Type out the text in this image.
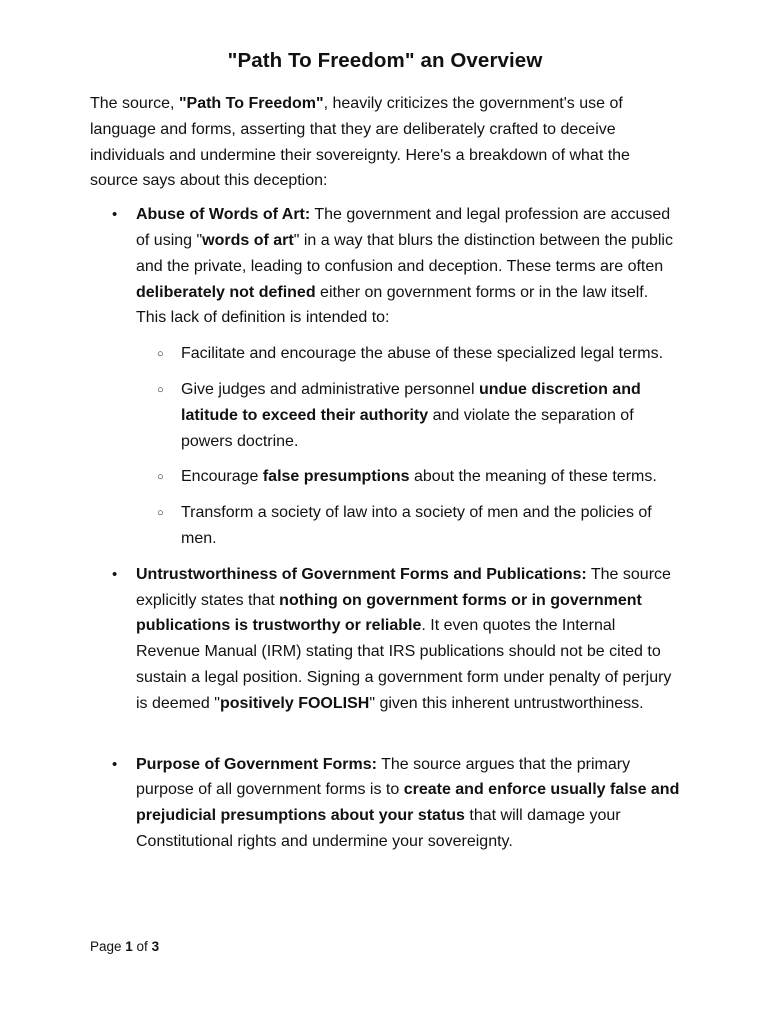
"Path To Freedom" an Overview

The source, "Path To Freedom", heavily criticizes the government's use of language and forms, asserting that they are deliberately crafted to deceive individuals and undermine their sovereignty. Here's a breakdown of what the source says about this deception:

• Abuse of Words of Art: The government and legal profession are accused of using "words of art" in a way that blurs the distinction between the public and the private, leading to confusion and deception. These terms are often deliberately not defined either on government forms or in the law itself. This lack of definition is intended to:
○ Facilitate and encourage the abuse of these specialized legal terms.
○ Give judges and administrative personnel undue discretion and latitude to exceed their authority and violate the separation of powers doctrine.
○ Encourage false presumptions about the meaning of these terms.
○ Transform a society of law into a society of men and the policies of men.
• Untrustworthiness of Government Forms and Publications: The source explicitly states that nothing on government forms or in government publications is trustworthy or reliable. It even quotes the Internal Revenue Manual (IRM) stating that IRS publications should not be cited to sustain a legal position. Signing a government form under penalty of perjury is deemed "positively FOOLISH" given this inherent untrustworthiness.
• Purpose of Government Forms: The source argues that the primary purpose of all government forms is to create and enforce usually false and prejudicial presumptions about your status that will damage your Constitutional rights and undermine your sovereignty.
Page 1 of 3
